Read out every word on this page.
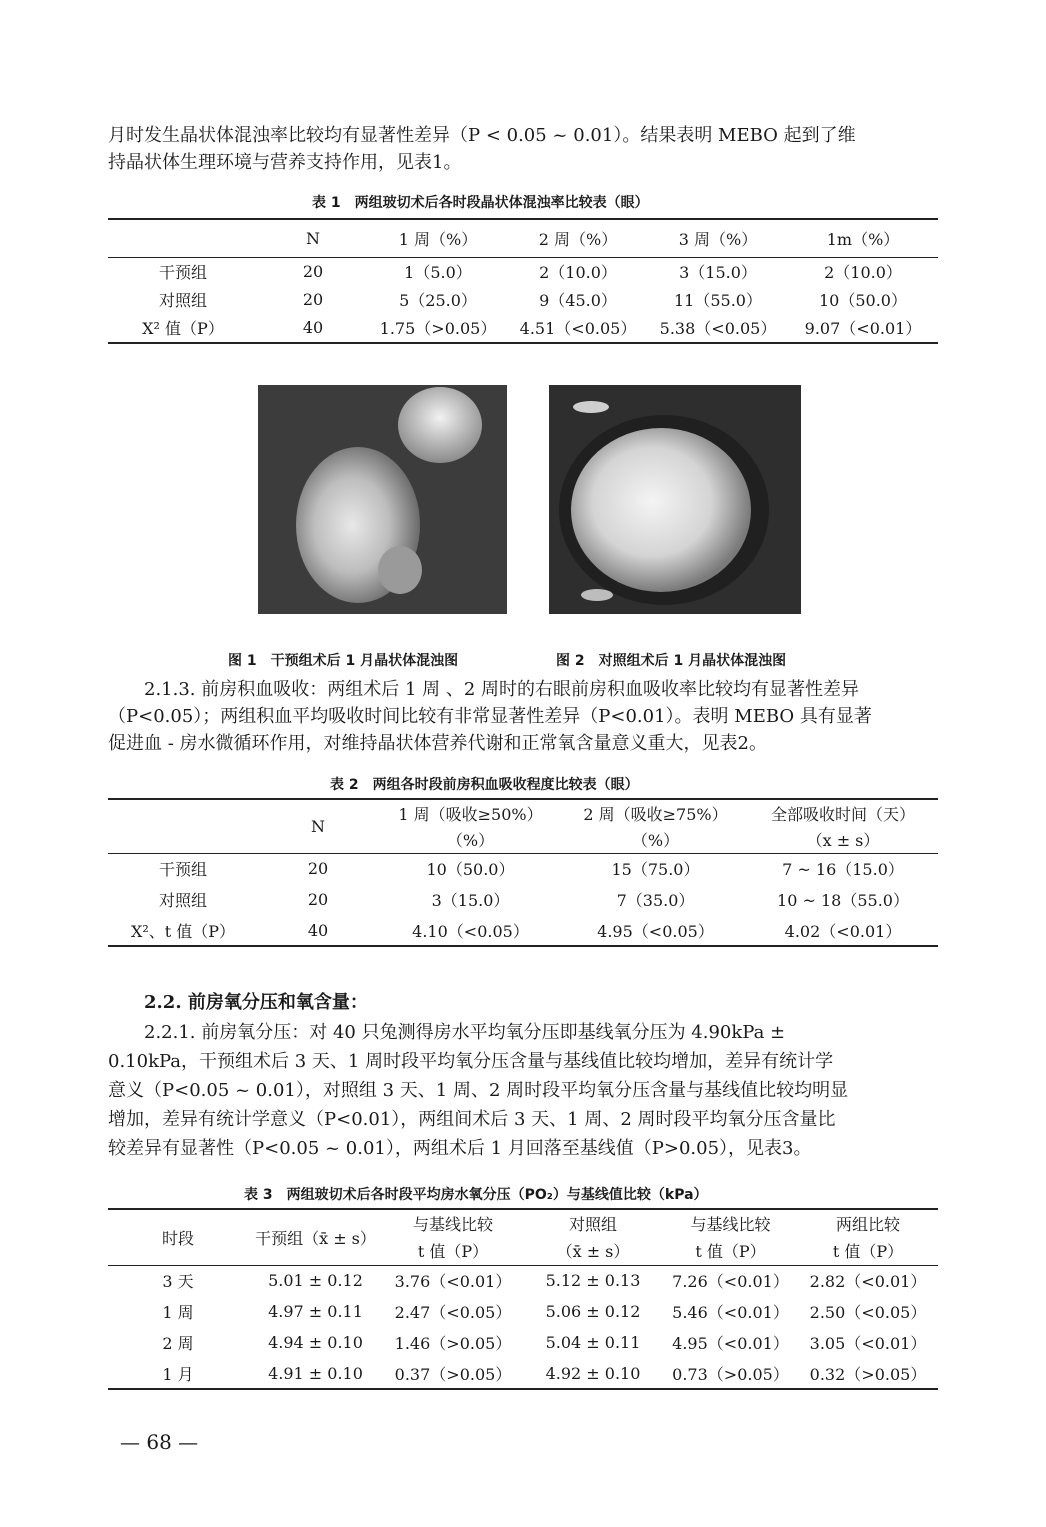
月时发生晶状体混浊率比较均有显著性差异（P < 0.05 ~ 0.01）。结果表明 MEBO 起到了维

持晶状体生理环境与营养支持作用，见表1。

表 1　两组玻切术后各时段晶状体混浊率比较表（眼）
	N	1 周（%）	2 周（%）	3 周（%）	1m（%）
干预组	20	1（5.0）	2（10.0）	3（15.0）	2（10.0）
对照组	20	5（25.0）	9（45.0）	11（55.0）	10（50.0）
X² 值（P）	40	1.75（>0.05）	4.51（<0.05）	5.38（<0.05）	9.07（<0.01）
图 1　干预组术后 1 月晶状体混浊图	图 2　对照组术后 1 月晶状体混浊图

2.1.3. 前房积血吸收：两组术后 1 周 、2 周时的右眼前房积血吸收率比较均有显著性差异

（P<0.05）；两组积血平均吸收时间比较有非常显著性差异（P<0.01）。表明 MEBO 具有显著

促进血 - 房水微循环作用，对维持晶状体营养代谢和正常氧含量意义重大，见表2。

表 2　两组各时段前房积血吸收程度比较表（眼）
	N	1 周（吸收≥50%）	2 周（吸收≥75%）	全部吸收时间（天）
		（%）	（%）	（x ± s）
干预组	20	10（50.0）	15（75.0）	7 ~ 16（15.0）
对照组	20	3（15.0）	7（35.0）	10 ~ 18（55.0）
X²、t 值（P）	40	4.10（<0.05）	4.95（<0.05）	4.02（<0.01）
2.2. 前房氧分压和氧含量：

2.2.1. 前房氧分压：对 40 只兔测得房水平均氧分压即基线氧分压为 4.90kPa ±

0.10kPa，干预组术后 3 天、1 周时段平均氧分压含量与基线值比较均增加，差异有统计学

意义（P<0.05 ~ 0.01），对照组 3 天、1 周、2 周时段平均氧分压含量与基线值比较均明显

增加，差异有统计学意义（P<0.01），两组间术后 3 天、1 周、2 周时段平均氧分压含量比

较差异有显著性（P<0.05 ~ 0.01），两组术后 1 月回落至基线值（P>0.05），见表3。

表 3　两组玻切术后各时段平均房水氧分压（PO₂）与基线值比较（kPa）
时段	干预组（x̄ ± s）	与基线比较	对照组	与基线比较	两组比较
		t 值（P）	（x̄ ± s）	t 值（P）	t 值（P）
3 天	5.01 ± 0.12	3.76（<0.01）	5.12 ± 0.13	7.26（<0.01）	2.82（<0.01）
1 周	4.97 ± 0.11	2.47（<0.05）	5.06 ± 0.12	5.46（<0.01）	2.50（<0.05）
2 周	4.94 ± 0.10	1.46（>0.05）	5.04 ± 0.11	4.95（<0.01）	3.05（<0.01）
1 月	4.91 ± 0.10	0.37（>0.05）	4.92 ± 0.10	0.73（>0.05）	0.32（>0.05）
— 68 —
